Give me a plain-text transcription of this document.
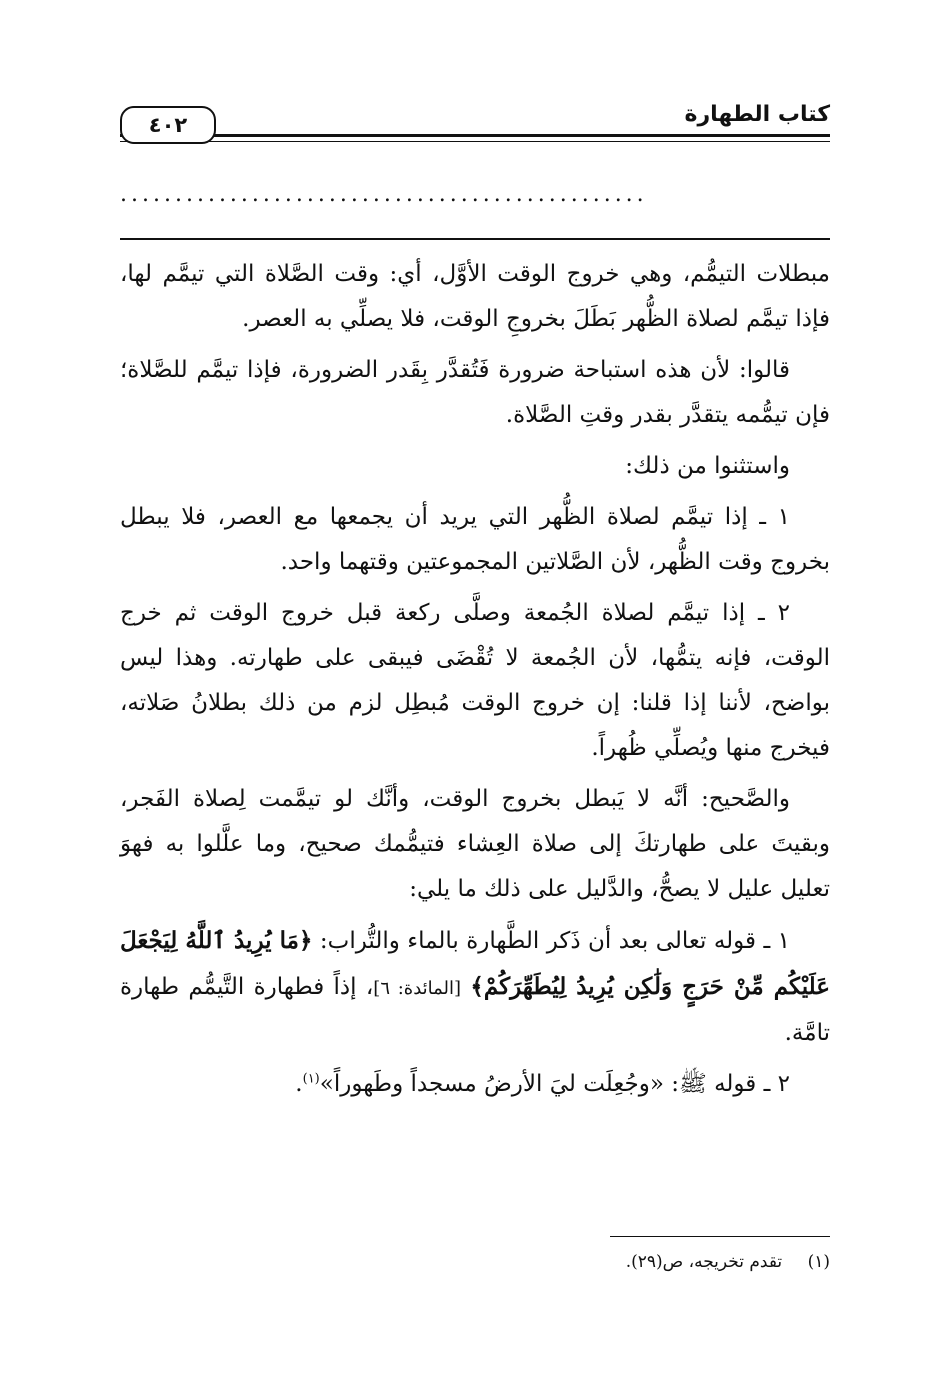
٤٠٢	كتاب الطهارة
................................................

مبطلات التيمُّم، وهي خروج الوقت الأوَّل، أي: وقت الصَّلاة التي تيمَّم لها، فإذا تيمَّم لصلاة الظُّهر بَطَلَ بخروجِ الوقت، فلا يصلِّي به العصر.

قالوا: لأن هذه استباحة ضرورة فَتُقدَّر بِقَدر الضرورة، فإذا تيمَّم للصَّلاة؛ فإن تيمُّمه يتقدَّر بقدر وقتِ الصَّلاة.

واستثنوا من ذلك:

١ ـ إذا تيمَّم لصلاة الظُّهر التي يريد أن يجمعها مع العصر، فلا يبطل بخروج وقت الظُّهر، لأن الصَّلاتين المجموعتين وقتهما واحد.

٢ ـ إذا تيمَّم لصلاة الجُمعة وصلَّى ركعة قبل خروج الوقت ثم خرج الوقت، فإنه يتمُّها، لأن الجُمعة لا تُقْضَى فيبقى على طهارته. وهذا ليس بواضح، لأننا إذا قلنا: إن خروج الوقت مُبطِل لزم من ذلك بطلانُ صَلاته، فيخرج منها ويُصلِّي ظُهراً.

والصَّحيح: أنَّه لا يَبطل بخروج الوقت، وأنَّك لو تيمَّمت لِصلاة الفَجر، وبقيتَ على طهارتكَ إلى صلاة العِشاء فتيمُّمك صحيح، وما علَّلوا به فهوَ تعليل عليل لا يصحُّ، والدَّليل على ذلك ما يلي:

١ ـ قوله تعالى بعد أن ذَكر الطَّهارة بالماء والتُّراب: ﴿مَا يُرِيدُ ٱللَّهُ لِيَجْعَلَ عَلَيْكُم مِّنْ حَرَجٍ وَلَٰكِن يُرِيدُ لِيُطَهِّرَكُمْ﴾ [المائدة: ٦]، إذاً فطهارة التَّيمُّم طهارة تامَّة.

٢ ـ قوله ﷺ: «وجُعِلَت ليَ الأرضُ مسجداً وطَهوراً»$^{(١)}$.

(١) تقدم تخريجه، ص(٢٩).
